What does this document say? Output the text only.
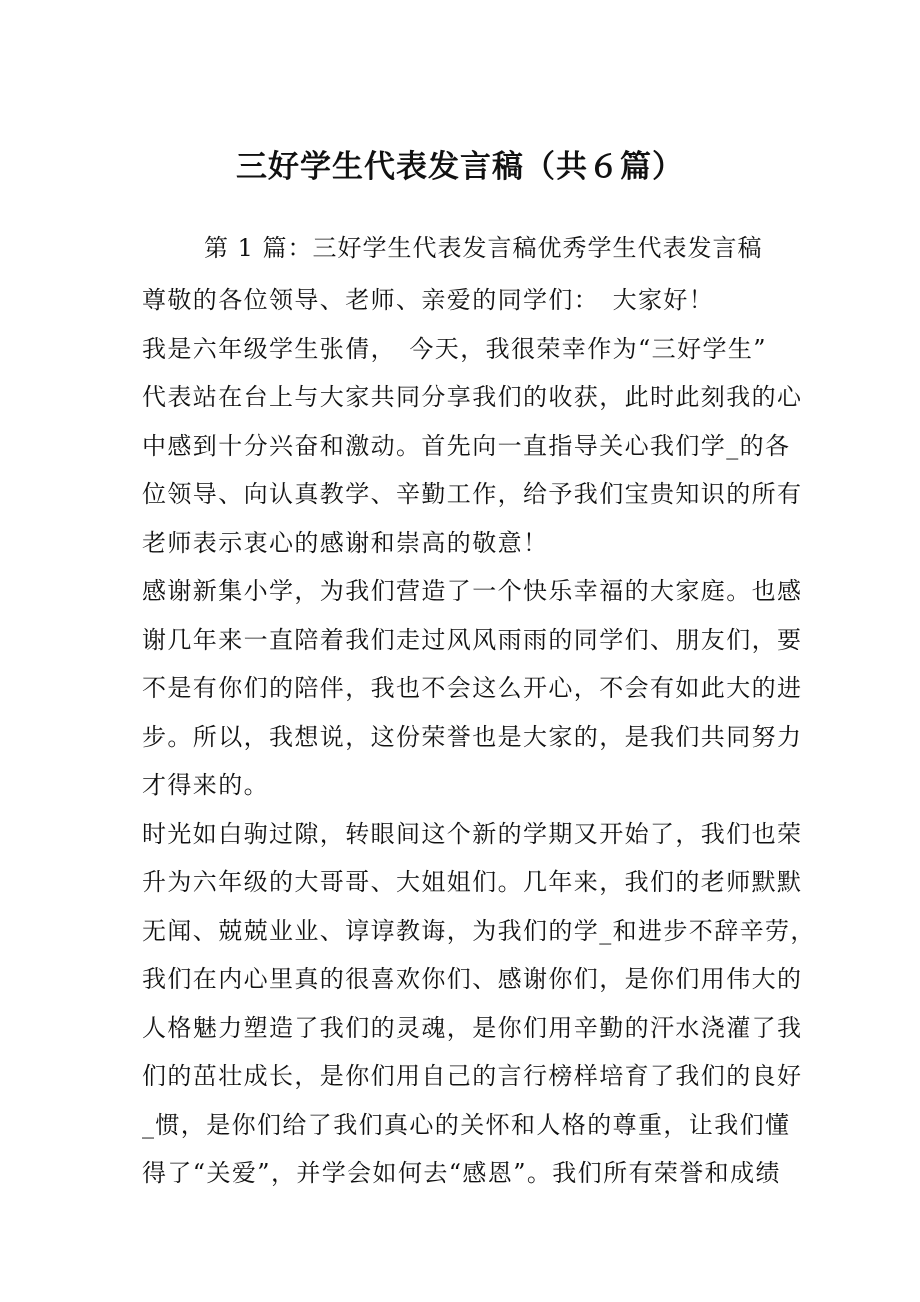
三好学生代表发言稿（共６篇）
第 1 篇：三好学生代表发言稿优秀学生代表发言稿
尊敬的各位领导、老师、亲爱的同学们：　大家好！
我是六年级学生张倩，　今天，我很荣幸作为“三好学生”
代表站在台上与大家共同分享我们的收获，此时此刻我的心
中感到十分兴奋和激动。首先向一直指导关心我们学_的各
位领导、向认真教学、辛勤工作，给予我们宝贵知识的所有
老师表示衷心的感谢和崇高的敬意！
感谢新集小学，为我们营造了一个快乐幸福的大家庭。也感
谢几年来一直陪着我们走过风风雨雨的同学们、朋友们，要
不是有你们的陪伴，我也不会这么开心，不会有如此大的进
步。所以，我想说，这份荣誉也是大家的，是我们共同努力
才得来的。
时光如白驹过隙，转眼间这个新的学期又开始了，我们也荣
升为六年级的大哥哥、大姐姐们。几年来，我们的老师默默
无闻、兢兢业业、谆谆教诲，为我们的学_和进步不辞辛劳，
我们在内心里真的很喜欢你们、感谢你们，是你们用伟大的
人格魅力塑造了我们的灵魂，是你们用辛勤的汗水浇灌了我
们的茁壮成长，是你们用自己的言行榜样培育了我们的良好
_惯，是你们给了我们真心的关怀和人格的尊重，让我们懂
得了“关爱”，并学会如何去“感恩”。我们所有荣誉和成绩
